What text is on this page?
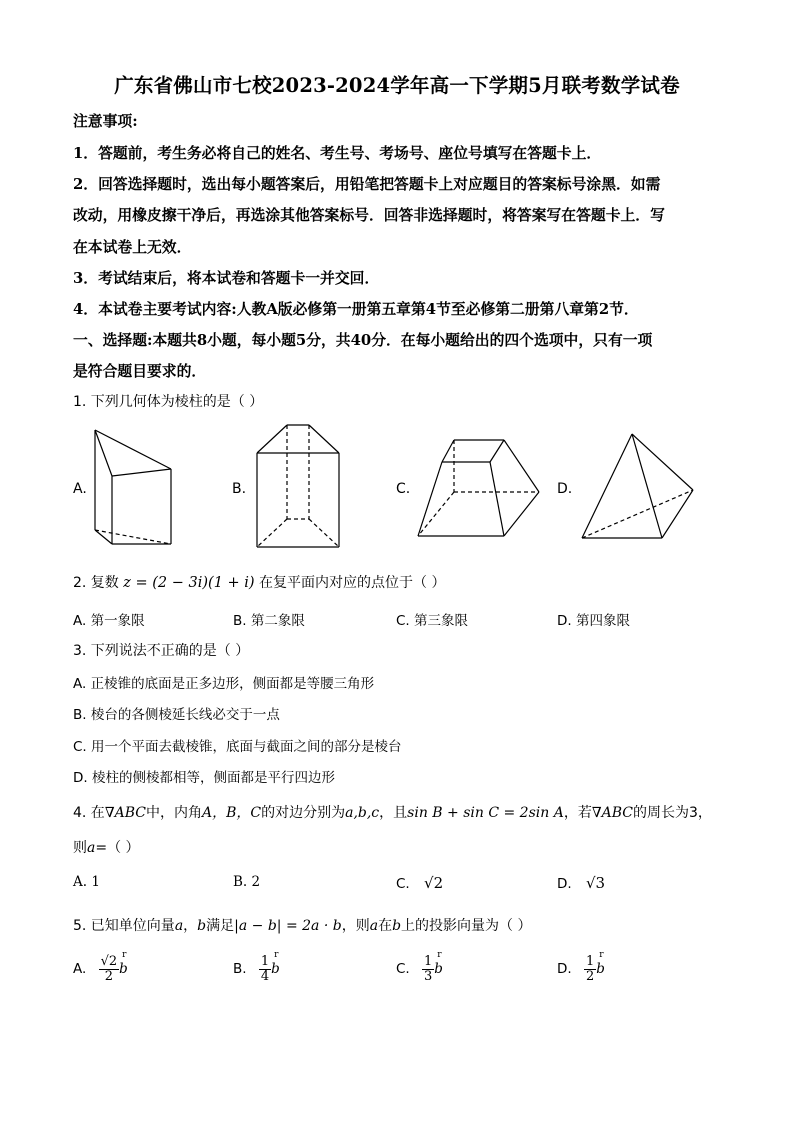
广东省佛山市七校2023-2024学年高一下学期5月联考数学试卷
注意事项:
1．答题前，考生务必将自己的姓名、考生号、考场号、座位号填写在答题卡上．
2．回答选择题时，选出每小题答案后，用铅笔把答题卡上对应题目的答案标号涂黑．如需
改动，用橡皮擦干净后，再选涂其他答案标号．回答非选择题时，将答案写在答题卡上．写
在本试卷上无效．
3．考试结束后，将本试卷和答题卡一并交回．
4．本试卷主要考试内容:人教A版必修第一册第五章第4节至必修第二册第八章第2节．
一、选择题:本题共8小题，每小题5分，共40分．在每小题给出的四个选项中，只有一项
是符合题目要求的．
1. 下列几何体为棱柱的是（ ）
A.	B.	C.	D.
2. 复数 z = (2 − 3i)(1 + i) 在复平面内对应的点位于（ ）
A. 第一象限	B. 第二象限	C. 第三象限	D. 第四象限
3. 下列说法不正确的是（ ）
A. 正棱锥的底面是正多边形，侧面都是等腰三角形
B. 棱台的各侧棱延长线必交于一点
C. 用一个平面去截棱锥，底面与截面之间的部分是棱台
D. 棱柱的侧棱都相等，侧面都是平行四边形
4. 在∇ABC中，内角A，B，C的对边分别为a,b,c，且sin B + sin C = 2sin A，若∇ABC的周长为3，
则a=（ ）
A. 1	B. 2	C. √2	D. √3
5. 已知单位向量a，b满足|a − b| = 2a · b，则a在b上的投影向量为（ ）
A. $\frac{√2}{2}$ r
b	B. $\frac{1}{4}$ r
b	C. $\frac{1}{3}$ r
b	D. $\frac{1}{2}$ r
b
